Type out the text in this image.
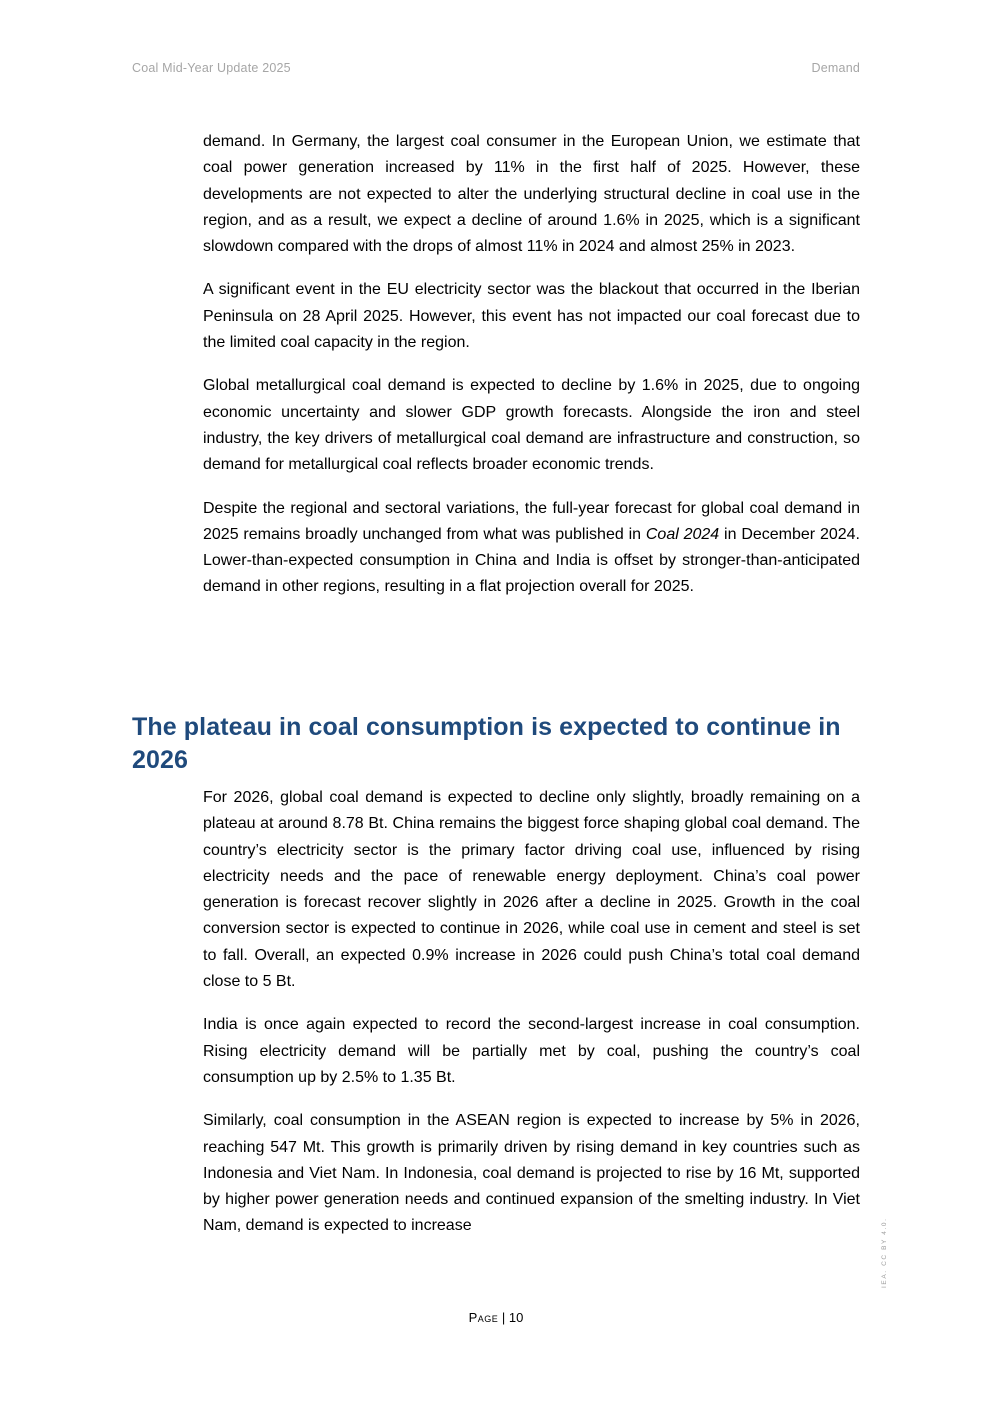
Coal Mid-Year Update 2025	Demand

demand. In Germany, the largest coal consumer in the European Union, we estimate that coal power generation increased by 11% in the first half of 2025. However, these developments are not expected to alter the underlying structural decline in coal use in the region, and as a result, we expect a decline of around 1.6% in 2025, which is a significant slowdown compared with the drops of almost 11% in 2024 and almost 25% in 2023.

A significant event in the EU electricity sector was the blackout that occurred in the Iberian Peninsula on 28 April 2025. However, this event has not impacted our coal forecast due to the limited coal capacity in the region.

Global metallurgical coal demand is expected to decline by 1.6% in 2025, due to ongoing economic uncertainty and slower GDP growth forecasts. Alongside the iron and steel industry, the key drivers of metallurgical coal demand are infrastructure and construction, so demand for metallurgical coal reflects broader economic trends.

Despite the regional and sectoral variations, the full-year forecast for global coal demand in 2025 remains broadly unchanged from what was published in Coal 2024 in December 2024. Lower-than-expected consumption in China and India is offset by stronger-than-anticipated demand in other regions, resulting in a flat projection overall for 2025.

The plateau in coal consumption is expected to continue in 2026

For 2026, global coal demand is expected to decline only slightly, broadly remaining on a plateau at around 8.78 Bt. China remains the biggest force shaping global coal demand. The country’s electricity sector is the primary factor driving coal use, influenced by rising electricity needs and the pace of renewable energy deployment. China’s coal power generation is forecast recover slightly in 2026 after a decline in 2025. Growth in the coal conversion sector is expected to continue in 2026, while coal use in cement and steel is set to fall. Overall, an expected 0.9% increase in 2026 could push China’s total coal demand close to 5 Bt.

India is once again expected to record the second-largest increase in coal consumption. Rising electricity demand will be partially met by coal, pushing the country’s coal consumption up by 2.5% to 1.35 Bt.

Similarly, coal consumption in the ASEAN region is expected to increase by 5% in 2026, reaching 547 Mt. This growth is primarily driven by rising demand in key countries such as Indonesia and Viet Nam. In Indonesia, coal demand is projected to rise by 16 Mt, supported by higher power generation needs and continued expansion of the smelting industry. In Viet Nam, demand is expected to increase

Page | 10
IEA. CC BY 4.0.
